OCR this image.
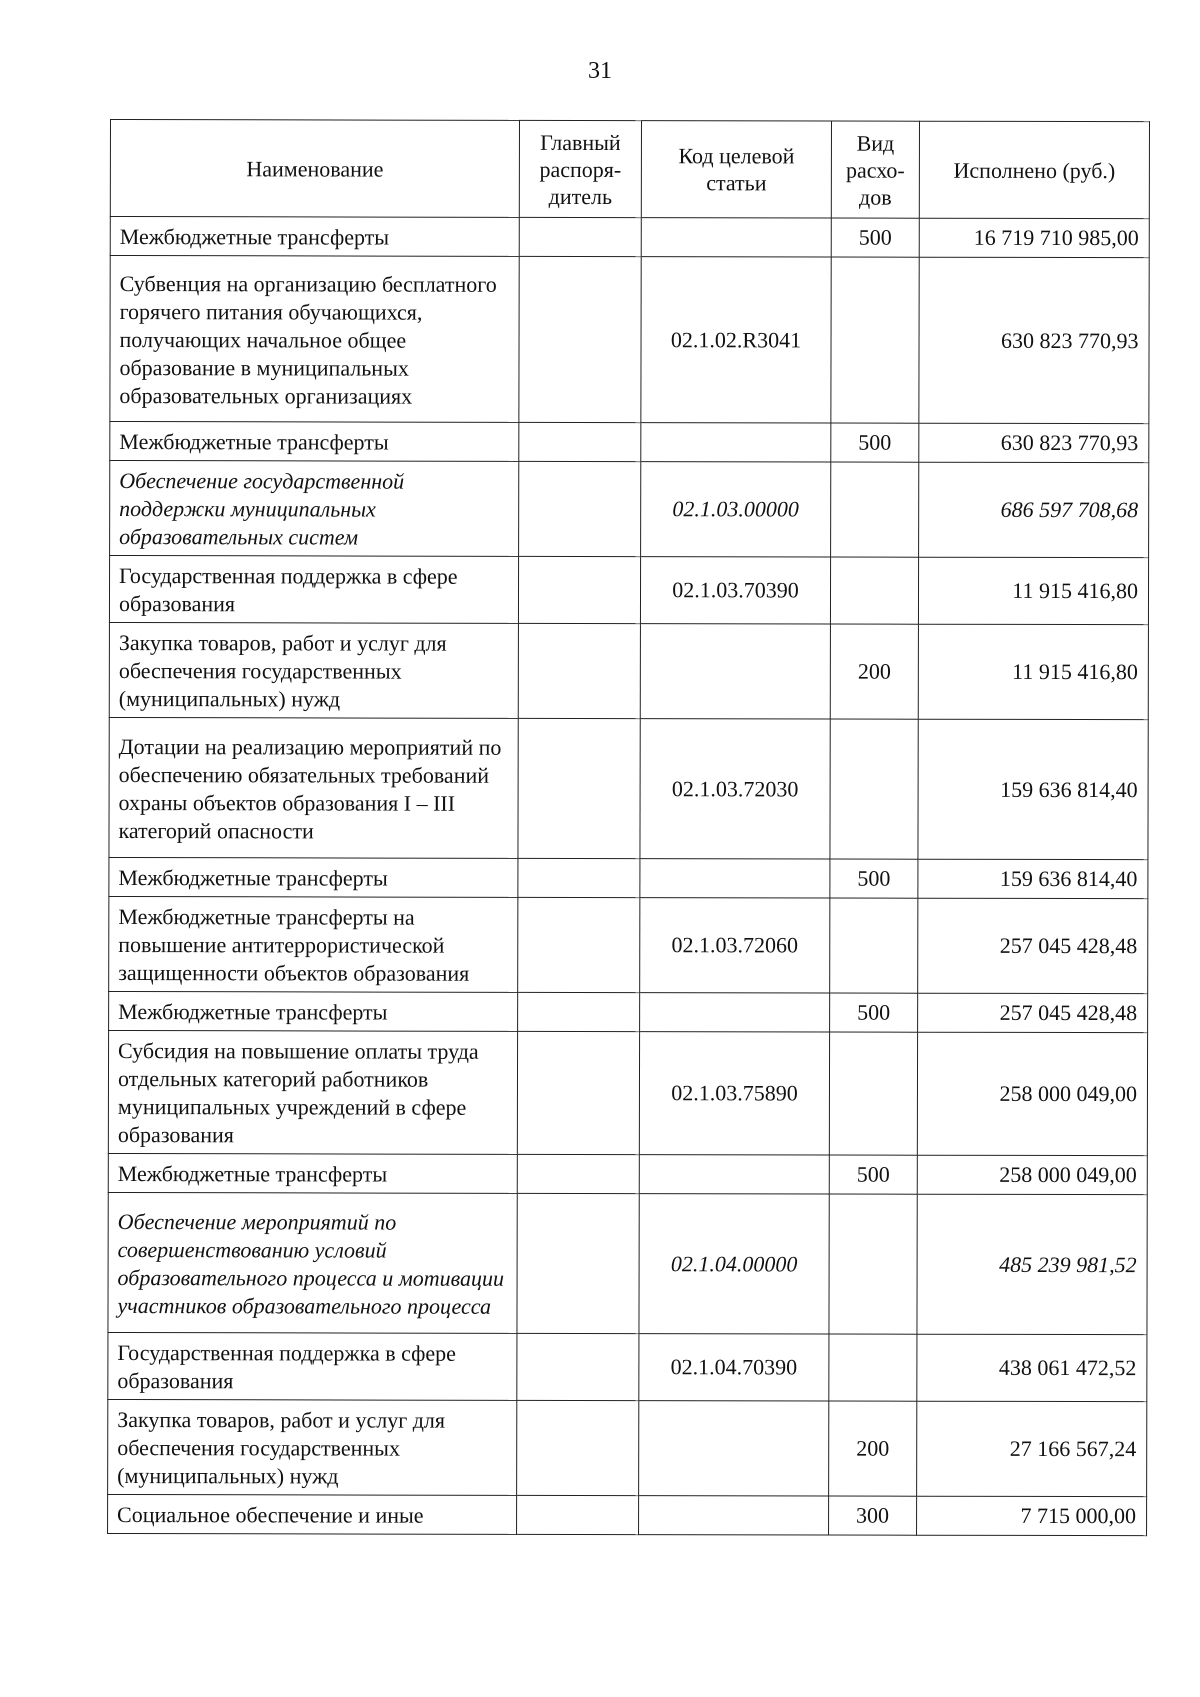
31
Наименование	Главный распоря-дитель	Код целевой статьи	Вид расхо-дов	Исполнено (руб.)
Межбюджетные трансферты			500	16 719 710 985,00
Субвенция на организацию бесплатного горячего питания обучающихся, получающих начальное общее образование в муниципальных образовательных организациях		02.1.02.R3041		630 823 770,93
Межбюджетные трансферты			500	630 823 770,93
Обеспечение государственной поддержки муниципальных образовательных систем		02.1.03.00000		686 597 708,68
Государственная поддержка в сфере образования		02.1.03.70390		11 915 416,80
Закупка товаров, работ и услуг для обеспечения государственных (муниципальных) нужд			200	11 915 416,80
Дотации на реализацию мероприятий по обеспечению обязательных требований охраны объектов образования I – III категорий опасности		02.1.03.72030		159 636 814,40
Межбюджетные трансферты			500	159 636 814,40
Межбюджетные трансферты на повышение антитеррористической защищенности объектов образования		02.1.03.72060		257 045 428,48
Межбюджетные трансферты			500	257 045 428,48
Субсидия на повышение оплаты труда отдельных категорий работников муниципальных учреждений в сфере образования		02.1.03.75890		258 000 049,00
Межбюджетные трансферты			500	258 000 049,00
Обеспечение мероприятий по совершенствованию условий образовательного процесса и мотивации участников образовательного процесса		02.1.04.00000		485 239 981,52
Государственная поддержка в сфере образования		02.1.04.70390		438 061 472,52
Закупка товаров, работ и услуг для обеспечения государственных (муниципальных) нужд			200	27 166 567,24
Социальное обеспечение и иные			300	7 715 000,00
